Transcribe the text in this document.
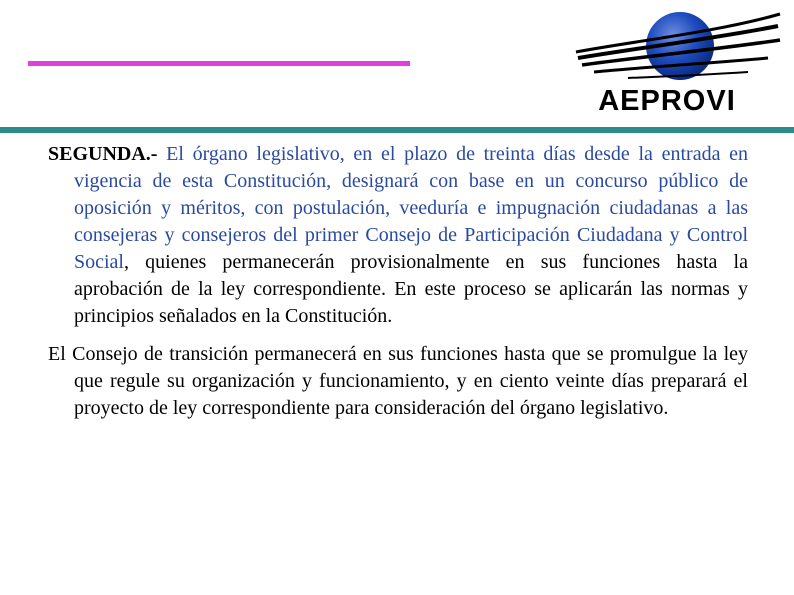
AEPROVI

SEGUNDA.- El órgano legislativo, en el plazo de treinta días desde la entrada en vigencia de esta Constitución, designará con base en un concurso público de oposición y méritos, con postulación, veeduría e impugnación ciudadanas a las consejeras y consejeros del primer Consejo de Participación Ciudadana y Control Social, quienes permanecerán provisionalmente en sus funciones hasta la aprobación de la ley correspondiente. En este proceso se aplicarán las normas y principios señalados en la Constitución.

El Consejo de transición permanecerá en sus funciones hasta que se promulgue la ley que regule su organización y funcionamiento, y en ciento veinte días preparará el proyecto de ley correspondiente para consideración del órgano legislativo.
